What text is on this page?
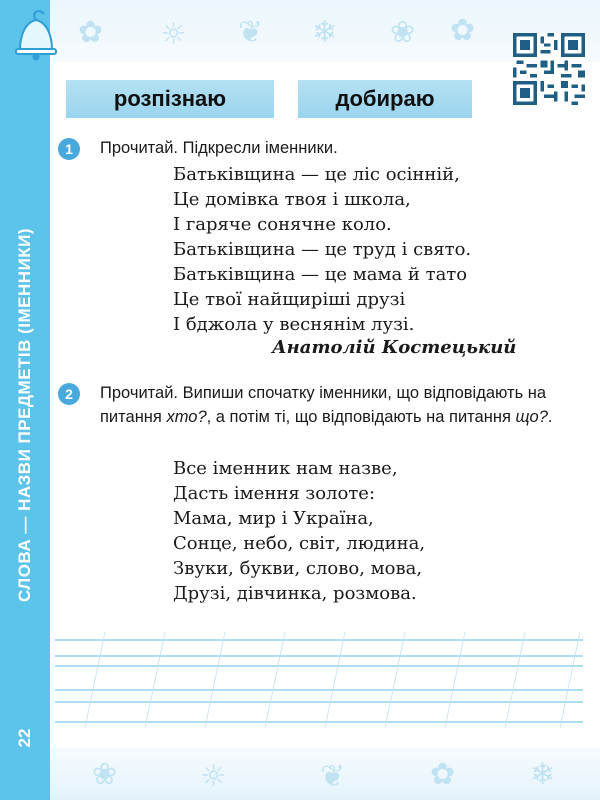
✿ ☼ ❦ ❄ ❀ ✿
❀	☼	❦	✿ ❄
СЛОВА — НАЗВИ ПРЕДМЕТІВ (ІМЕННИКИ)
22
розпізнаю	добираю
1	Прочитай. Підкресли іменники.
Батьківщина — це ліс осінній,
Це домівка твоя і школа,
І гаряче сонячне коло.
Батьківщина — це труд і свято.
Батьківщина — це мама й тато
Це твої найщиріші друзі
І бджола у веснянім лузі.
Анатолій Костецький
2	Прочитай. Випиши спочатку іменники, що відповідають на питання хто?, а потім ті, що відповідають на питання що?.
Все іменник нам назве,
Дасть імення золоте:
Мама, мир і Україна,
Сонце, небо, світ, людина,
Звуки, букви, слово, мова,
Друзі, дівчинка, розмова.
